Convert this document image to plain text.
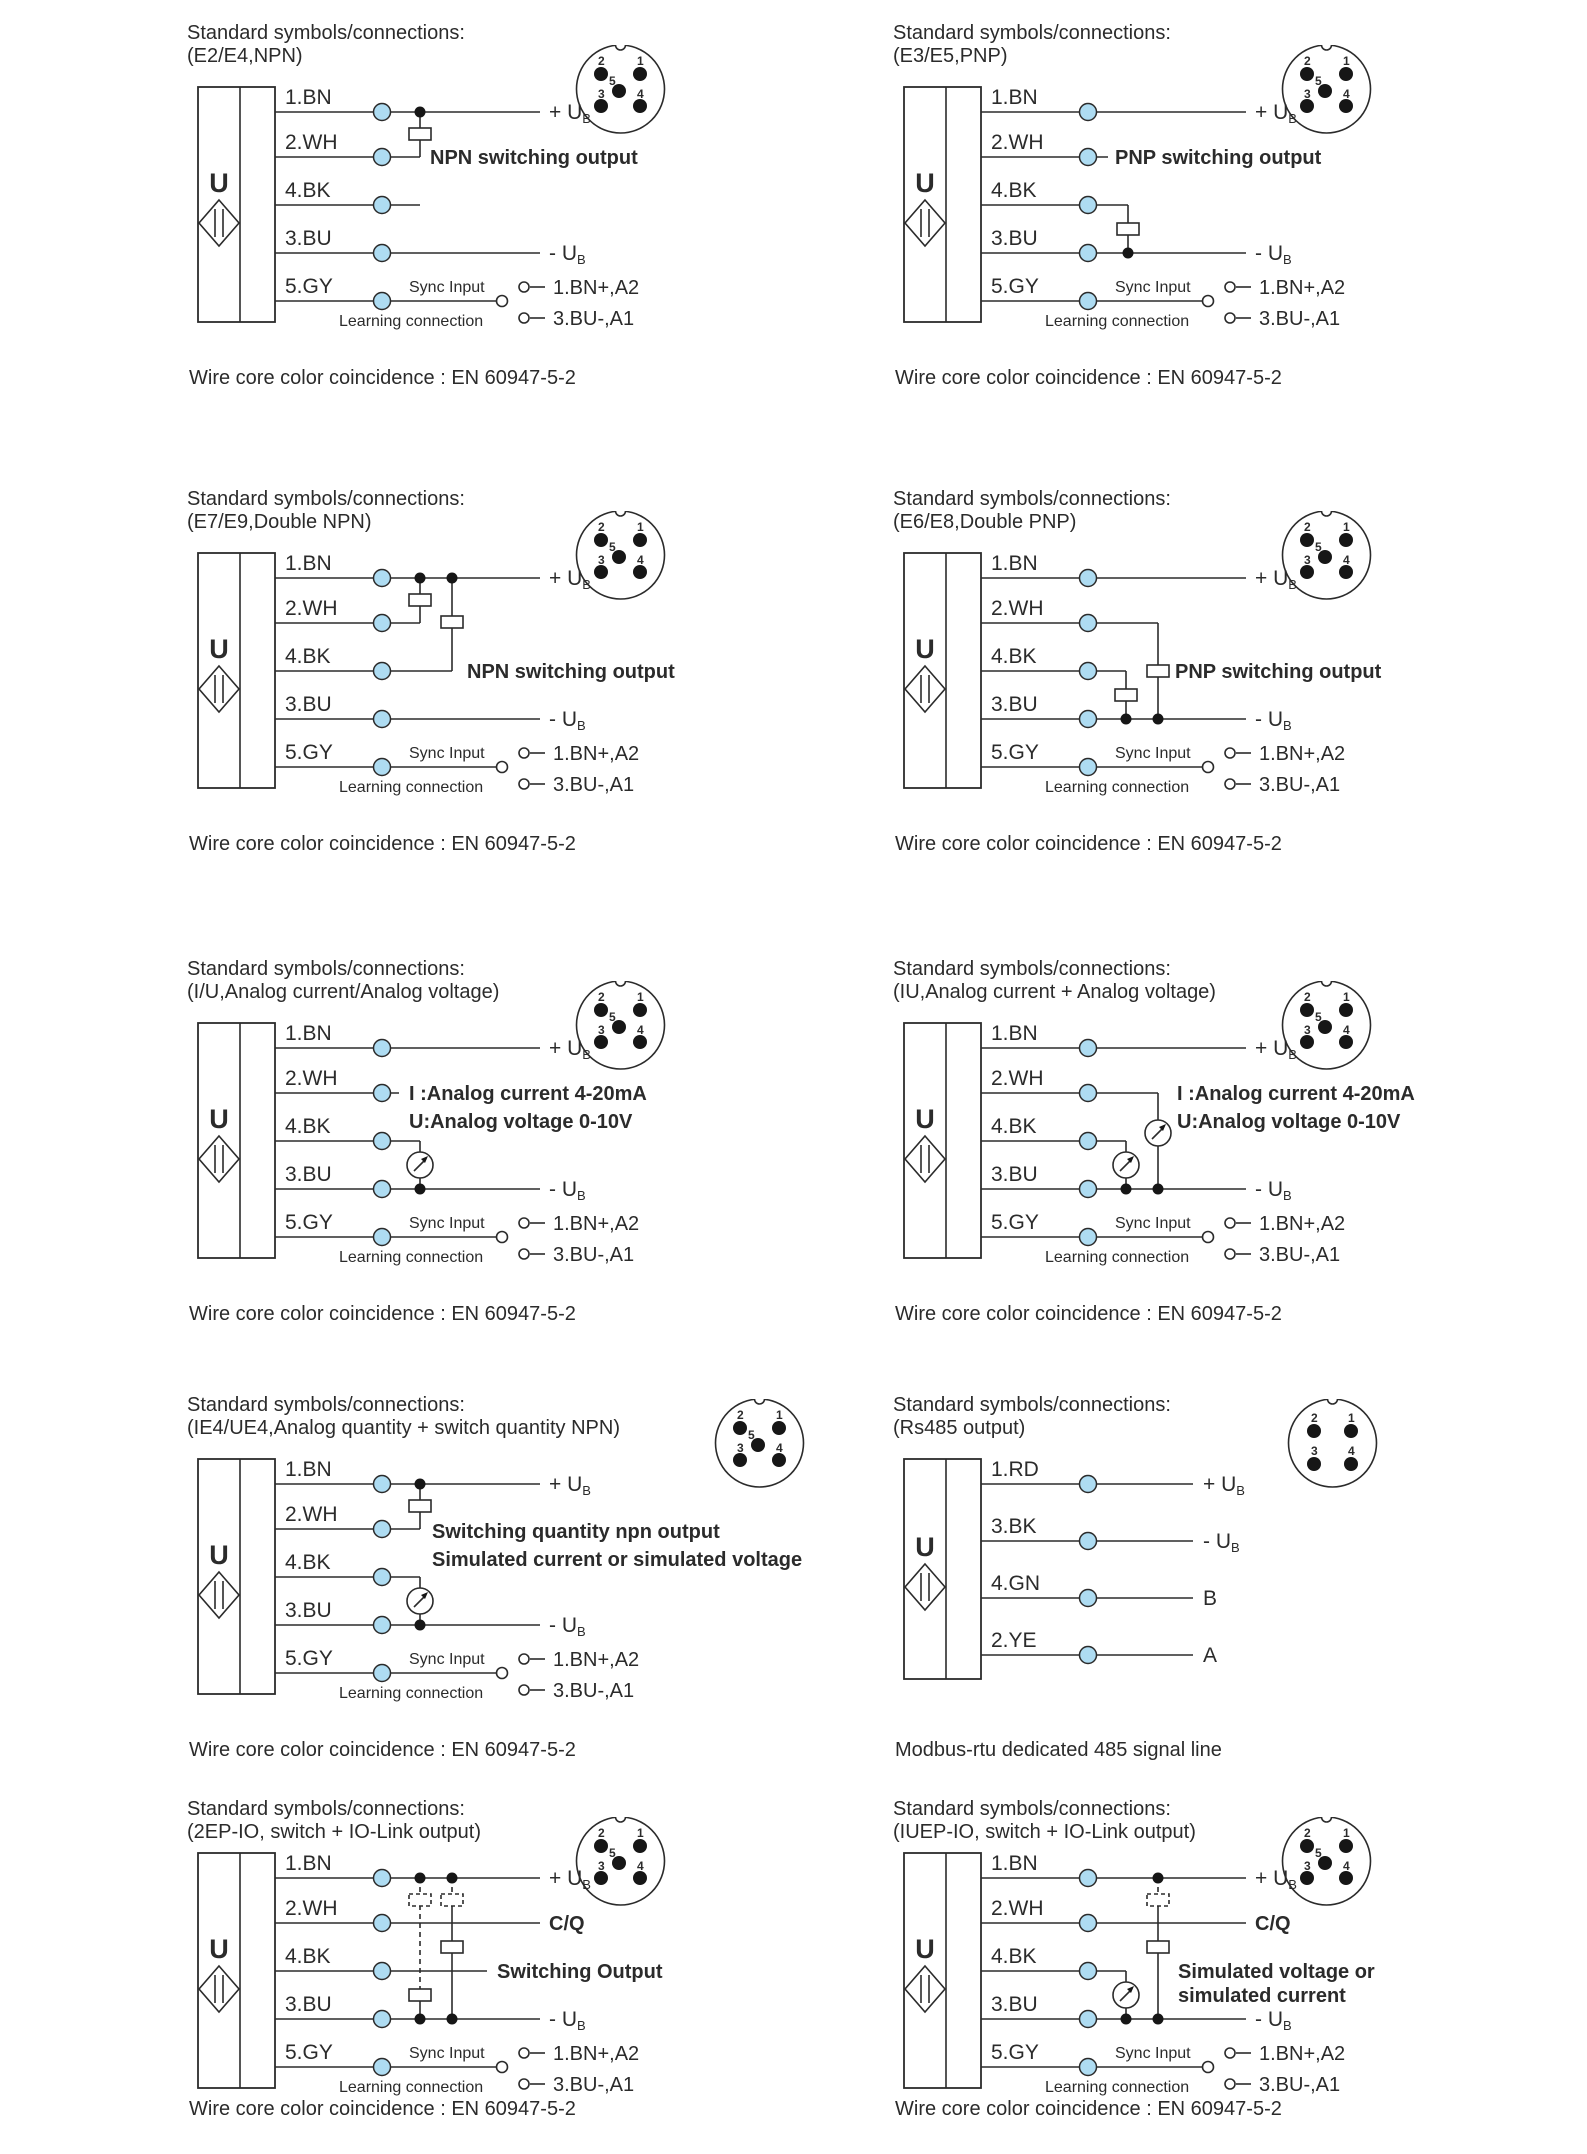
Standard symbols/connections:
(E2/E4,NPN)	2	1
5
3	4
U
1.BN
2.WH
4.BK
3.BU
+ UB
- UB
NPN switching output
5.GY	Sync Input
Learning connection
1.BN+,A2
3.BU-,A1
Wire core color coincidence : EN 60947-5-2
Standard symbols/connections:
(E3/E5,PNP)	2	1
5
3	4
U
1.BN
2.WH
4.BK
3.BU
+ UB
- UB
PNP switching output
5.GY	Sync Input
Learning connection
1.BN+,A2
3.BU-,A1
Wire core color coincidence : EN 60947-5-2
Standard symbols/connections:
(E7/E9,Double NPN)	2	1
5
3	4
U
1.BN
2.WH
4.BK
3.BU
+ UB
- UB
NPN switching output
5.GY	Sync Input
Learning connection
1.BN+,A2
3.BU-,A1
Wire core color coincidence : EN 60947-5-2
Standard symbols/connections:
(E6/E8,Double PNP)	2	1
5
3	4
U
1.BN
2.WH
4.BK
3.BU
+ UB
- UB
PNP switching output
5.GY	Sync Input
Learning connection
1.BN+,A2
3.BU-,A1
Wire core color coincidence : EN 60947-5-2
Standard symbols/connections:
(I/U,Analog current/Analog voltage)	2	1
5
3	4
U
1.BN
2.WH
4.BK
3.BU
+ UB
- UB
I :Analog current 4-20mA
U:Analog voltage 0-10V
5.GY	Sync Input
Learning connection
1.BN+,A2
3.BU-,A1
Wire core color coincidence : EN 60947-5-2
Standard symbols/connections:
(IU,Analog current + Analog voltage)	2	1
5
3	4
U
1.BN
2.WH
4.BK
3.BU
+ UB
- UB
I :Analog current 4-20mA
U:Analog voltage 0-10V
5.GY	Sync Input
Learning connection
1.BN+,A2
3.BU-,A1
Wire core color coincidence : EN 60947-5-2
Standard symbols/connections:
(IE4/UE4,Analog quantity + switch quantity NPN)
2	1
5
3	4
U
1.BN
2.WH
4.BK
3.BU
+ UB
- UB
Switching quantity npn output
Simulated current or simulated voltage
5.GY	Sync Input
Learning connection
1.BN+,A2
3.BU-,A1
Wire core color coincidence : EN 60947-5-2
Standard symbols/connections:
(Rs485 output)	2	1
3	4
U
1.RD
3.BK
4.GN
2.YE
+ UB
- UB
B
A
Modbus-rtu dedicated 485 signal line
Standard symbols/connections:
(2EP-IO, switch + IO-Link output)	2	1
5
3	4
U
1.BN
2.WH
4.BK
3.BU
+ UB
C/Q
Switching Output
- UB
5.GY	Sync Input
Learning connection
1.BN+,A2
3.BU-,A1
Wire core color coincidence : EN 60947-5-2
Standard symbols/connections:
(IUEP-IO, switch + IO-Link output)	2	1
5
3	4
U
1.BN
2.WH
4.BK
3.BU
+ UB
C/Q
Simulated voltage or
simulated current
- UB
5.GY	Sync Input
Learning connection
1.BN+,A2
3.BU-,A1
Wire core color coincidence : EN 60947-5-2
